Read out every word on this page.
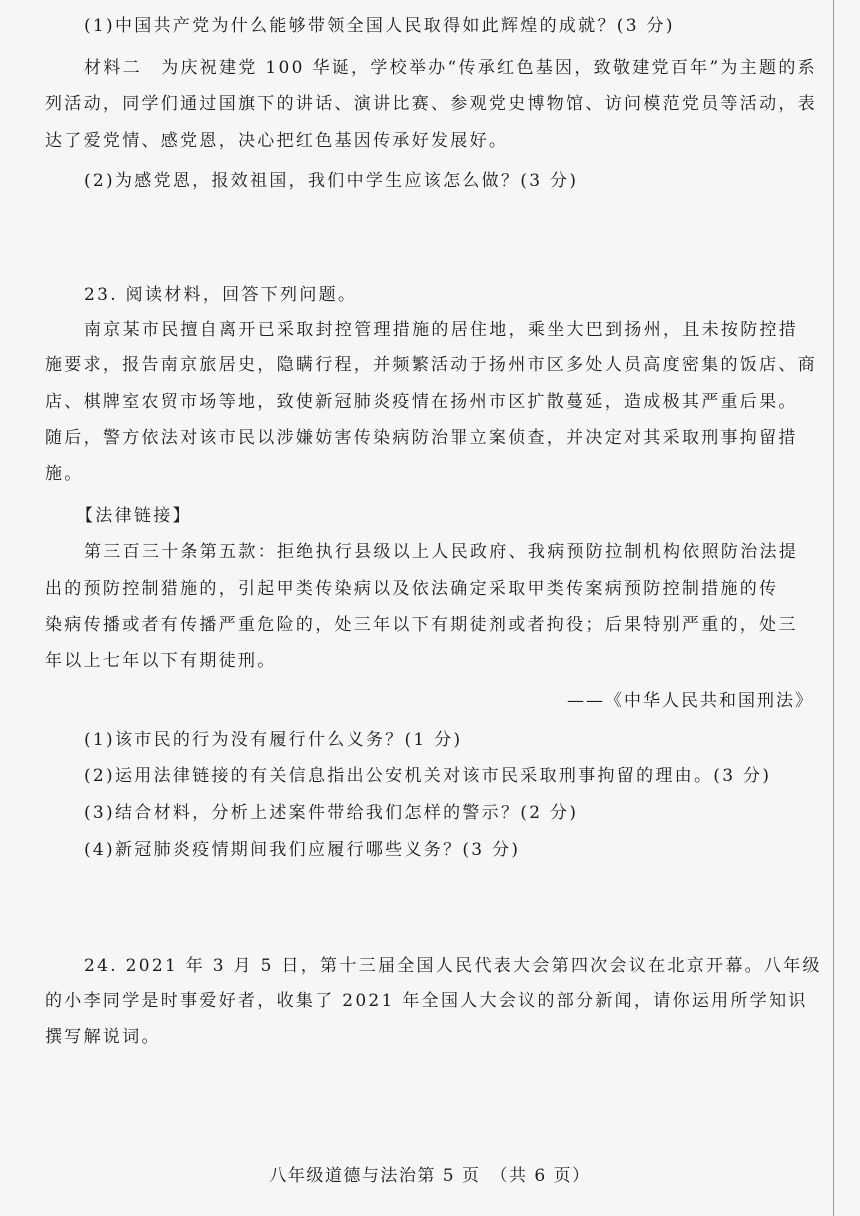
(1)中国共产党为什么能够带领全国人民取得如此辉煌的成就？(3 分)
材料二　为庆祝建党 100 华诞，学校举办“传承红色基因，致敬建党百年”为主题的系
列活动，同学们通过国旗下的讲话、演讲比赛、参观党史博物馆、访问模范党员等活动，表
达了爱党情、感党恩，决心把红色基因传承好发展好。
(2)为感党恩，报效祖国，我们中学生应该怎么做？(3 分)
23. 阅读材料，回答下列问题。
南京某市民擅自离开已采取封控管理措施的居住地，乘坐大巴到扬州，且未按防控措
施要求，报告南京旅居史，隐瞒行程，并频繁活动于扬州市区多处人员高度密集的饭店、商
店、棋牌室农贸市场等地，致使新冠肺炎疫情在扬州市区扩散蔓延，造成极其严重后果。
随后，警方依法对该市民以涉嫌妨害传染病防治罪立案侦查，并决定对其采取刑事拘留措
施。
【法律链接】
第三百三十条第五款：拒绝执行县级以上人民政府、我病预防拉制机构依照防治法提
出的预防控制猎施的，引起甲类传染病以及依法确定采取甲类传案病预防控制措施的传
染病传播或者有传播严重危险的，处三年以下有期徒剂或者拘役；后果特别严重的，处三
年以上七年以下有期徒刑。
——《中华人民共和国刑法》
(1)该市民的行为没有履行什么义务？(1 分)
(2)运用法律链接的有关信息指出公安机关对该市民采取刑事拘留的理由。(3 分)
(3)结合材料，分析上述案件带给我们怎样的警示？(2 分)
(4)新冠肺炎疫情期间我们应履行哪些义务？(3 分)
24. 2021 年 3 月 5 日，第十三届全国人民代表大会第四次会议在北京开幕。八年级
的小李同学是时事爱好者，收集了 2021 年全国人大会议的部分新闻，请你运用所学知识
撰写解说词。
八年级道德与法治第 5 页　（共 6 页）
